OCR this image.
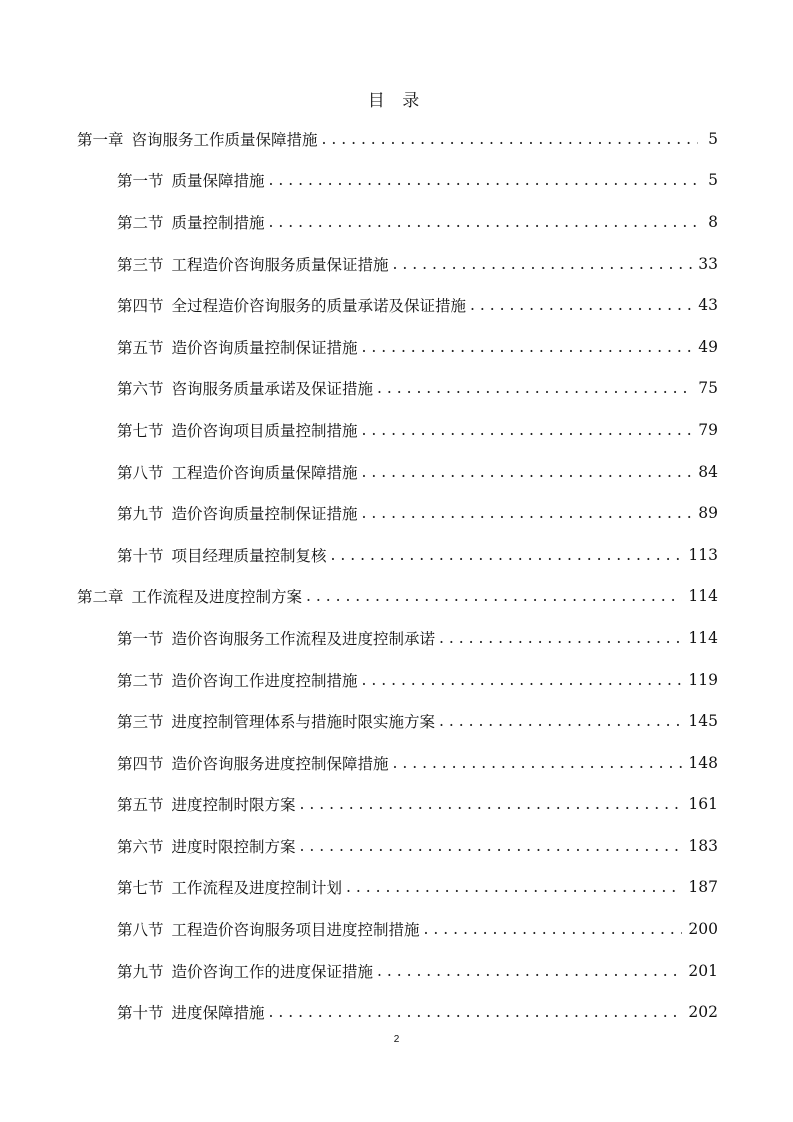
目 录
第一章 咨询服务工作质量保障措施 . . .	5
第一节 质量保障措施 . . .	5
第二节 质量控制措施 . . .	8
第三节 工程造价咨询服务质量保证措施 . . .	33
第四节 全过程造价咨询服务的质量承诺及保证措施 . . .	43
第五节 造价咨询质量控制保证措施 . . .	49
第六节 咨询服务质量承诺及保证措施 . . .	75
第七节 造价咨询项目质量控制措施 . . .	79
第八节 工程造价咨询质量保障措施 . . .	84
第九节 造价咨询质量控制保证措施 . . .	89
第十节 项目经理质量控制复核 . . .	113
第二章 工作流程及进度控制方案 . . .	114
第一节 造价咨询服务工作流程及进度控制承诺 . . .	114
第二节 造价咨询工作进度控制措施 . . .	119
第三节 进度控制管理体系与措施时限实施方案 . . .	145
第四节 造价咨询服务进度控制保障措施 . . .	148
第五节 进度控制时限方案 . . .	161
第六节 进度时限控制方案 . . .	183
第七节 工作流程及进度控制计划 . . .	187
第八节 工程造价咨询服务项目进度控制措施 . . .	200
第九节 造价咨询工作的进度保证措施 . . .	201
第十节 进度保障措施 . . .	202
2
